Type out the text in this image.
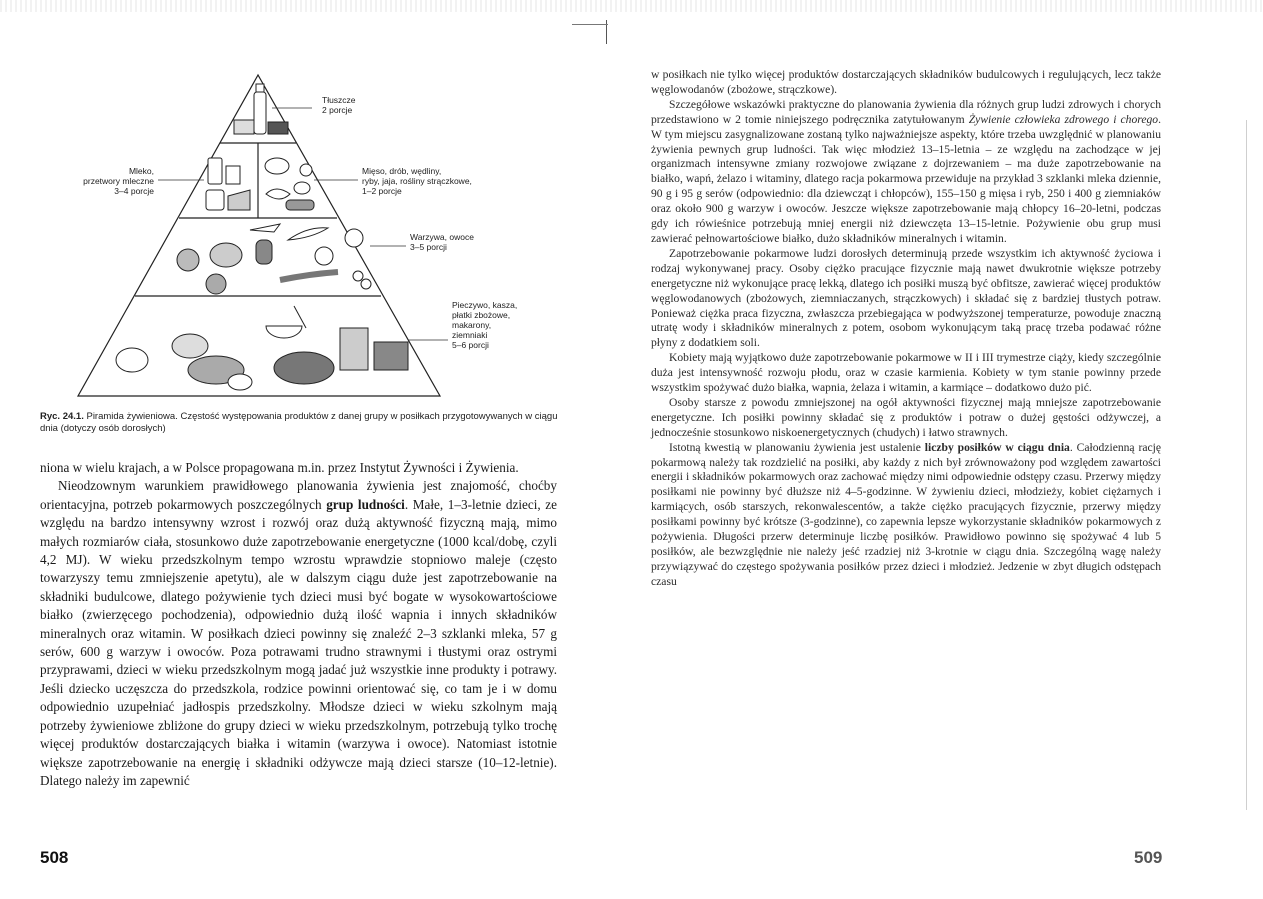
Tłuszcze
2 porcje
Mleko,
przetwory mleczne
3–4 porcje
Mięso, drób, wędliny,
ryby, jaja, rośliny strączkowe,
1–2 porcje
Warzywa, owoce
3–5 porcji
Pieczywo, kasza,
płatki zbożowe,
makarony,
ziemniaki
5–6 porcji
Ryc. 24.1. Piramida żywieniowa. Częstość występowania produktów z danej grupy w posiłkach przygotowywanych w ciągu dnia (dotyczy osób dorosłych)

niona w wielu krajach, a w Polsce propagowana m.in. przez Instytut Żywności i Żywienia.

Nieodzownym warunkiem prawidłowego planowania żywienia jest znajomość, choćby orientacyjna, potrzeb pokarmowych poszczególnych grup ludności. Małe, 1–3-letnie dzieci, ze względu na bardzo intensywny wzrost i rozwój oraz dużą aktywność fizyczną mają, mimo małych rozmiarów ciała, stosunkowo duże zapotrzebowanie energetyczne (1000 kcal/dobę, czyli 4,2 MJ). W wieku przedszkolnym tempo wzrostu wprawdzie stopniowo maleje (często towarzyszy temu zmniejszenie apetytu), ale w dalszym ciągu duże jest zapotrzebowanie na składniki budulcowe, dlatego pożywienie tych dzieci musi być bogate w wysokowartościowe białko (zwierzęcego pochodzenia), odpowiednio dużą ilość wapnia i innych składników mineralnych oraz witamin. W posiłkach dzieci powinny się znaleźć 2–3 szklanki mleka, 57 g serów, 600 g warzyw i owoców. Poza potrawami trudno strawnymi i tłustymi oraz ostrymi przyprawami, dzieci w wieku przedszkolnym mogą jadać już wszystkie inne produkty i potrawy. Jeśli dziecko uczęszcza do przedszkola, rodzice powinni orientować się, co tam je i w domu odpowiednio uzupełniać jadłospis przedszkolny. Młodsze dzieci w wieku szkolnym mają potrzeby żywieniowe zbliżone do grupy dzieci w wieku przedszkolnym, potrzebują tylko trochę więcej produktów dostarczających białka i witamin (warzywa i owoce). Natomiast istotnie większe zapotrzebowanie na energię i składniki odżywcze mają dzieci starsze (10–12-letnie). Dlatego należy im zapewnić

508

w posiłkach nie tylko więcej produktów dostarczających składników budulcowych i regulujących, lecz także węglowodanów (zbożowe, strączkowe).

Szczegółowe wskazówki praktyczne do planowania żywienia dla różnych grup ludzi zdrowych i chorych przedstawiono w 2 tomie niniejszego podręcznika zatytułowanym Żywienie człowieka zdrowego i chorego. W tym miejscu zasygnalizowane zostaną tylko najważniejsze aspekty, które trzeba uwzględnić w planowaniu żywienia pewnych grup ludności. Tak więc młodzież 13–15-letnia – ze względu na zachodzące w jej organizmach intensywne zmiany rozwojowe związane z dojrzewaniem – ma duże zapotrzebowanie na białko, wapń, żelazo i witaminy, dlatego racja pokarmowa przewiduje na przykład 3 szklanki mleka dziennie, 90 g i 95 g serów (odpowiednio: dla dziewcząt i chłopców), 155–150 g mięsa i ryb, 250 i 400 g ziemniaków oraz około 900 g warzyw i owoców. Jeszcze większe zapotrzebowanie mają chłopcy 16–20-letni, podczas gdy ich rówieśnice potrzebują mniej energii niż dziewczęta 13–15-letnie. Pożywienie obu grup musi zawierać pełnowartościowe białko, dużo składników mineralnych i witamin.

Zapotrzebowanie pokarmowe ludzi dorosłych determinują przede wszystkim ich aktywność życiowa i rodzaj wykonywanej pracy. Osoby ciężko pracujące fizycznie mają nawet dwukrotnie większe potrzeby energetyczne niż wykonujące pracę lekką, dlatego ich posiłki muszą być obfitsze, zawierać więcej produktów węglowodanowych (zbożowych, ziemniaczanych, strączkowych) i składać się z bardziej tłustych potraw. Ponieważ ciężka praca fizyczna, zwłaszcza przebiegająca w podwyższonej temperaturze, powoduje znaczną utratę wody i składników mineralnych z potem, osobom wykonującym taką pracę trzeba podawać różne płyny z dodatkiem soli.

Kobiety mają wyjątkowo duże zapotrzebowanie pokarmowe w II i III trymestrze ciąży, kiedy szczególnie duża jest intensywność rozwoju płodu, oraz w czasie karmienia. Kobiety w tym stanie powinny przede wszystkim spożywać dużo białka, wapnia, żelaza i witamin, a karmiące – dodatkowo dużo pić.

Osoby starsze z powodu zmniejszonej na ogół aktywności fizycznej mają mniejsze zapotrzebowanie energetyczne. Ich posiłki powinny składać się z produktów i potraw o dużej gęstości odżywczej, a jednocześnie stosunkowo niskoenergetycznych (chudych) i łatwo strawnych.

Istotną kwestią w planowaniu żywienia jest ustalenie liczby posiłków w ciągu dnia. Całodzienną rację pokarmową należy tak rozdzielić na posiłki, aby każdy z nich był zrównoważony pod względem zawartości energii i składników pokarmowych oraz zachować między nimi odpowiednie odstępy czasu. Przerwy między posiłkami nie powinny być dłuższe niż 4–5-godzinne. W żywieniu dzieci, młodzieży, kobiet ciężarnych i karmiących, osób starszych, rekonwalescentów, a także ciężko pracujących fizycznie, przerwy między posiłkami powinny być krótsze (3-godzinne), co zapewnia lepsze wykorzystanie składników pokarmowych z pożywienia. Długości przerw determinuje liczbę posiłków. Prawidłowo powinno się spożywać 4 lub 5 posiłków, ale bezwzględnie nie należy jeść rzadziej niż 3-krotnie w ciągu dnia. Szczególną wagę należy przywiązywać do częstego spożywania posiłków przez dzieci i młodzież. Jedzenie w zbyt długich odstępach czasu

509
